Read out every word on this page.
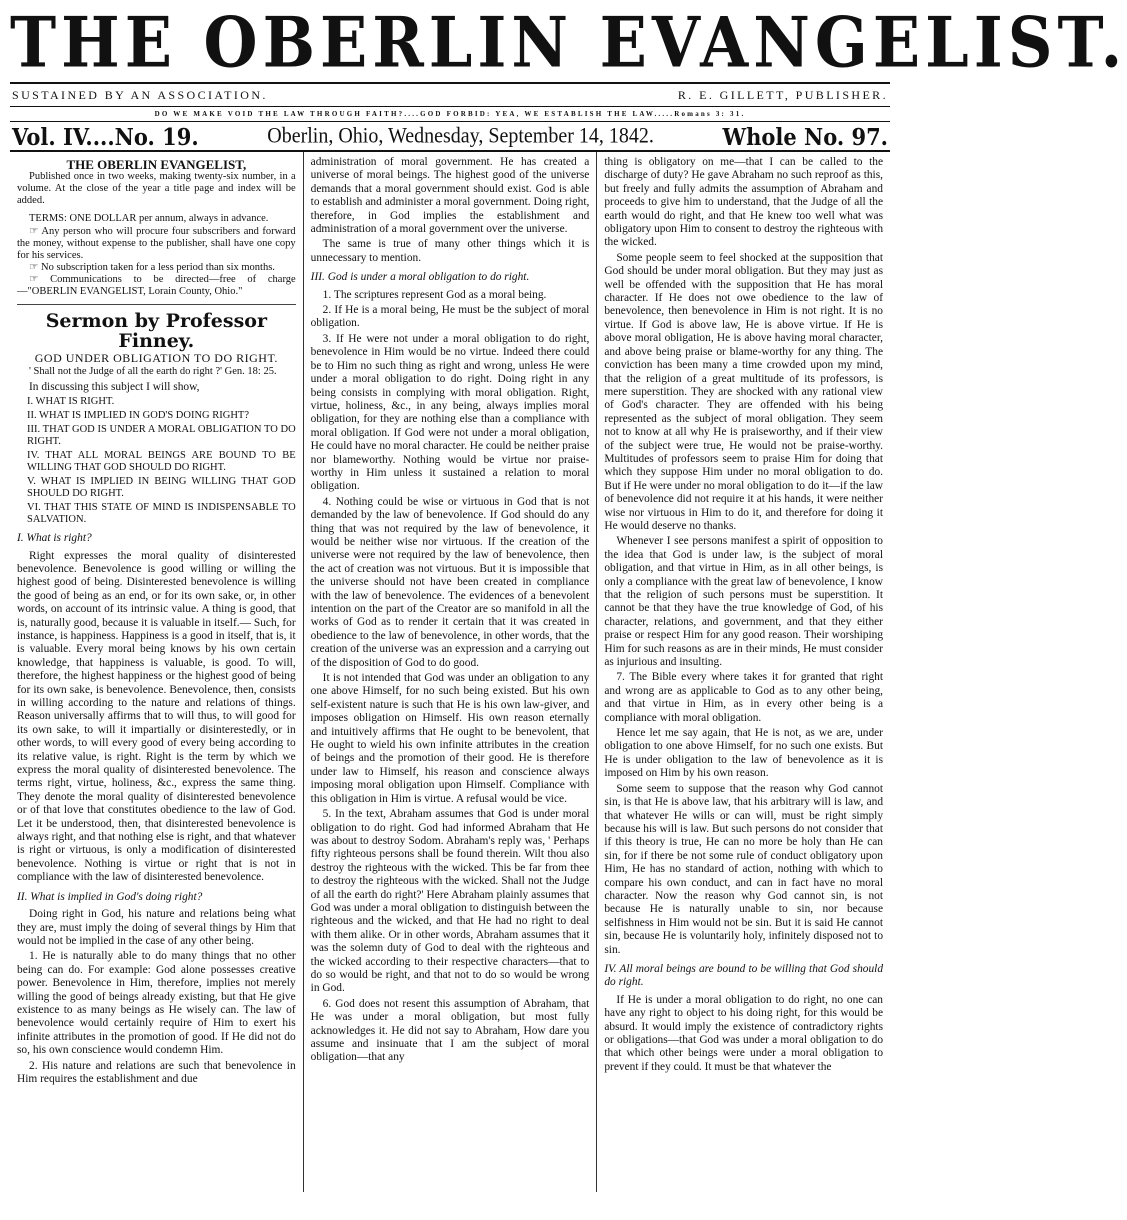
THE OBERLIN EVANGELIST.
SUSTAINED BY AN ASSOCIATION.	R. E. GILLETT, PUBLISHER.
DO WE MAKE VOID THE LAW THROUGH FAITH?....GOD FORBID: YEA, WE ESTABLISH THE LAW.....Romans 3: 31.
Vol. IV....No. 19.	Oberlin, Ohio, Wednesday, September 14, 1842.	Whole No. 97.
THE OBERLIN EVANGELIST,

Published once in two weeks, making twenty-six number, in a volume. At the close of the year a title page and index will be added.

TERMS: ONE DOLLAR per annum, always in advance.

☞ Any person who will procure four subscribers and forward the money, without expense to the publisher, shall have one copy for his services.

☞ No subscription taken for a less period than six months.

☞ Communications to be directed—free of charge—"OBERLIN EVANGELIST, Lorain County, Ohio."

Sermon by Professor Finney.
GOD UNDER OBLIGATION TO DO RIGHT.

' Shall not the Judge of all the earth do right ?' Gen. 18: 25.

In discussing this subject I will show,

I. WHAT IS RIGHT.

II. WHAT IS IMPLIED IN GOD'S DOING RIGHT?

III. THAT GOD IS UNDER A MORAL OBLIGATION TO DO RIGHT.

IV. THAT ALL MORAL BEINGS ARE BOUND TO BE WILLING THAT GOD SHOULD DO RIGHT.

V. WHAT IS IMPLIED IN BEING WILLING THAT GOD SHOULD DO RIGHT.

VI. THAT THIS STATE OF MIND IS INDISPENSABLE TO SALVATION.

I. What is right?

Right expresses the moral quality of disinterested benevolence. Benevolence is good willing or willing the highest good of being. Disinterested benevolence is willing the good of being as an end, or for its own sake, or, in other words, on account of its intrinsic value. A thing is good, that is, naturally good, because it is valuable in itself.— Such, for instance, is happiness. Happiness is a good in itself, that is, it is valuable. Every moral being knows by his own certain knowledge, that happiness is valuable, is good. To will, therefore, the highest happiness or the highest good of being for its own sake, is benevolence. Benevolence, then, consists in willing according to the nature and relations of things. Reason universally affirms that to will thus, to will good for its own sake, to will it impartially or disinterestedly, or in other words, to will every good of every being according to its relative value, is right. Right is the term by which we express the moral quality of disinterested benevolence. The terms right, virtue, holiness, &c., express the same thing. They denote the moral quality of disinterested benevolence or of that love that constitutes obedience to the law of God. Let it be understood, then, that disinterested benevolence is always right, and that nothing else is right, and that whatever is right or virtuous, is only a modification of disinterested benevolence. Nothing is virtue or right that is not in compliance with the law of disinterested benevolence.

II. What is implied in God's doing right?

Doing right in God, his nature and relations being what they are, must imply the doing of several things by Him that would not be implied in the case of any other being.

1. He is naturally able to do many things that no other being can do. For example: God alone possesses creative power. Benevolence in Him, therefore, implies not merely willing the good of beings already existing, but that He give existence to as many beings as He wisely can. The law of benevolence would certainly require of Him to exert his infinite attributes in the promotion of good. If He did not do so, his own conscience would condemn Him.

2. His nature and relations are such that benevolence in Him requires the establishment and due

administration of moral government. He has created a universe of moral beings. The highest good of the universe demands that a moral government should exist. God is able to establish and administer a moral government. Doing right, therefore, in God implies the establishment and administration of a moral government over the universe.

The same is true of many other things which it is unnecessary to mention.

III. God is under a moral obligation to do right.

1. The scriptures represent God as a moral being.

2. If He is a moral being, He must be the subject of moral obligation.

3. If He were not under a moral obligation to do right, benevolence in Him would be no virtue. Indeed there could be to Him no such thing as right and wrong, unless He were under a moral obligation to do right. Doing right in any being consists in complying with moral obligation. Right, virtue, holiness, &c., in any being, always implies moral obligation, for they are nothing else than a compliance with moral obligation. If God were not under a moral obligation, He could have no moral character. He could be neither praise nor blameworthy. Nothing would be virtue nor praise-worthy in Him unless it sustained a relation to moral obligation.

4. Nothing could be wise or virtuous in God that is not demanded by the law of benevolence. If God should do any thing that was not required by the law of benevolence, it would be neither wise nor virtuous. If the creation of the universe were not required by the law of benevolence, then the act of creation was not virtuous. But it is impossible that the universe should not have been created in compliance with the law of benevolence. The evidences of a benevolent intention on the part of the Creator are so manifold in all the works of God as to render it certain that it was created in obedience to the law of benevolence, in other words, that the creation of the universe was an expression and a carrying out of the disposition of God to do good.

It is not intended that God was under an obligation to any one above Himself, for no such being existed. But his own self-existent nature is such that He is his own law-giver, and imposes obligation on Himself. His own reason eternally and intuitively affirms that He ought to be benevolent, that He ought to wield his own infinite attributes in the creation of beings and the promotion of their good. He is therefore under law to Himself, his reason and conscience always imposing moral obligation upon Himself. Compliance with this obligation in Him is virtue. A refusal would be vice.

5. In the text, Abraham assumes that God is under moral obligation to do right. God had informed Abraham that He was about to destroy Sodom. Abraham's reply was, ' Perhaps fifty righteous persons shall be found therein. Wilt thou also destroy the righteous with the wicked. This be far from thee to destroy the righteous with the wicked. Shall not the Judge of all the earth do right?' Here Abraham plainly assumes that God was under a moral obligation to distinguish between the righteous and the wicked, and that He had no right to deal with them alike. Or in other words, Abraham assumes that it was the solemn duty of God to deal with the righteous and the wicked according to their respective characters—that to do so would be right, and that not to do so would be wrong in God.

6. God does not resent this assumption of Abraham, that He was under a moral obligation, but most fully acknowledges it. He did not say to Abraham, How dare you assume and insinuate that I am the subject of moral obligation—that any

thing is obligatory on me—that I can be called to the discharge of duty? He gave Abraham no such reproof as this, but freely and fully admits the assumption of Abraham and proceeds to give him to understand, that the Judge of all the earth would do right, and that He knew too well what was obligatory upon Him to consent to destroy the righteous with the wicked.

Some people seem to feel shocked at the supposition that God should be under moral obligation. But they may just as well be offended with the supposition that He has moral character. If He does not owe obedience to the law of benevolence, then benevolence in Him is not right. It is no virtue. If God is above law, He is above virtue. If He is above moral obligation, He is above having moral character, and above being praise or blame-worthy for any thing. The conviction has been many a time crowded upon my mind, that the religion of a great multitude of its professors, is mere superstition. They are shocked with any rational view of God's character. They are offended with his being represented as the subject of moral obligation. They seem not to know at all why He is praiseworthy, and if their view of the subject were true, He would not be praise-worthy. Multitudes of professors seem to praise Him for doing that which they suppose Him under no moral obligation to do. But if He were under no moral obligation to do it—if the law of benevolence did not require it at his hands, it were neither wise nor virtuous in Him to do it, and therefore for doing it He would deserve no thanks.

Whenever I see persons manifest a spirit of opposition to the idea that God is under law, is the subject of moral obligation, and that virtue in Him, as in all other beings, is only a compliance with the great law of benevolence, I know that the religion of such persons must be superstition. It cannot be that they have the true knowledge of God, of his character, relations, and government, and that they either praise or respect Him for any good reason. Their worshiping Him for such reasons as are in their minds, He must consider as injurious and insulting.

7. The Bible every where takes it for granted that right and wrong are as applicable to God as to any other being, and that virtue in Him, as in every other being is a compliance with moral obligation.

Hence let me say again, that He is not, as we are, under obligation to one above Himself, for no such one exists. But He is under obligation to the law of benevolence as it is imposed on Him by his own reason.

Some seem to suppose that the reason why God cannot sin, is that He is above law, that his arbitrary will is law, and that whatever He wills or can will, must be right simply because his will is law. But such persons do not consider that if this theory is true, He can no more be holy than He can sin, for if there be not some rule of conduct obligatory upon Him, He has no standard of action, nothing with which to compare his own conduct, and can in fact have no moral character. Now the reason why God cannot sin, is not because He is naturally unable to sin, nor because selfishness in Him would not be sin. But it is said He cannot sin, because He is voluntarily holy, infinitely disposed not to sin.

IV. All moral beings are bound to be willing that God should do right.

If He is under a moral obligation to do right, no one can have any right to object to his doing right, for this would be absurd. It would imply the existence of contradictory rights or obligations—that God was under a moral obligation to do that which other beings were under a moral obligation to prevent if they could. It must be that whatever the
